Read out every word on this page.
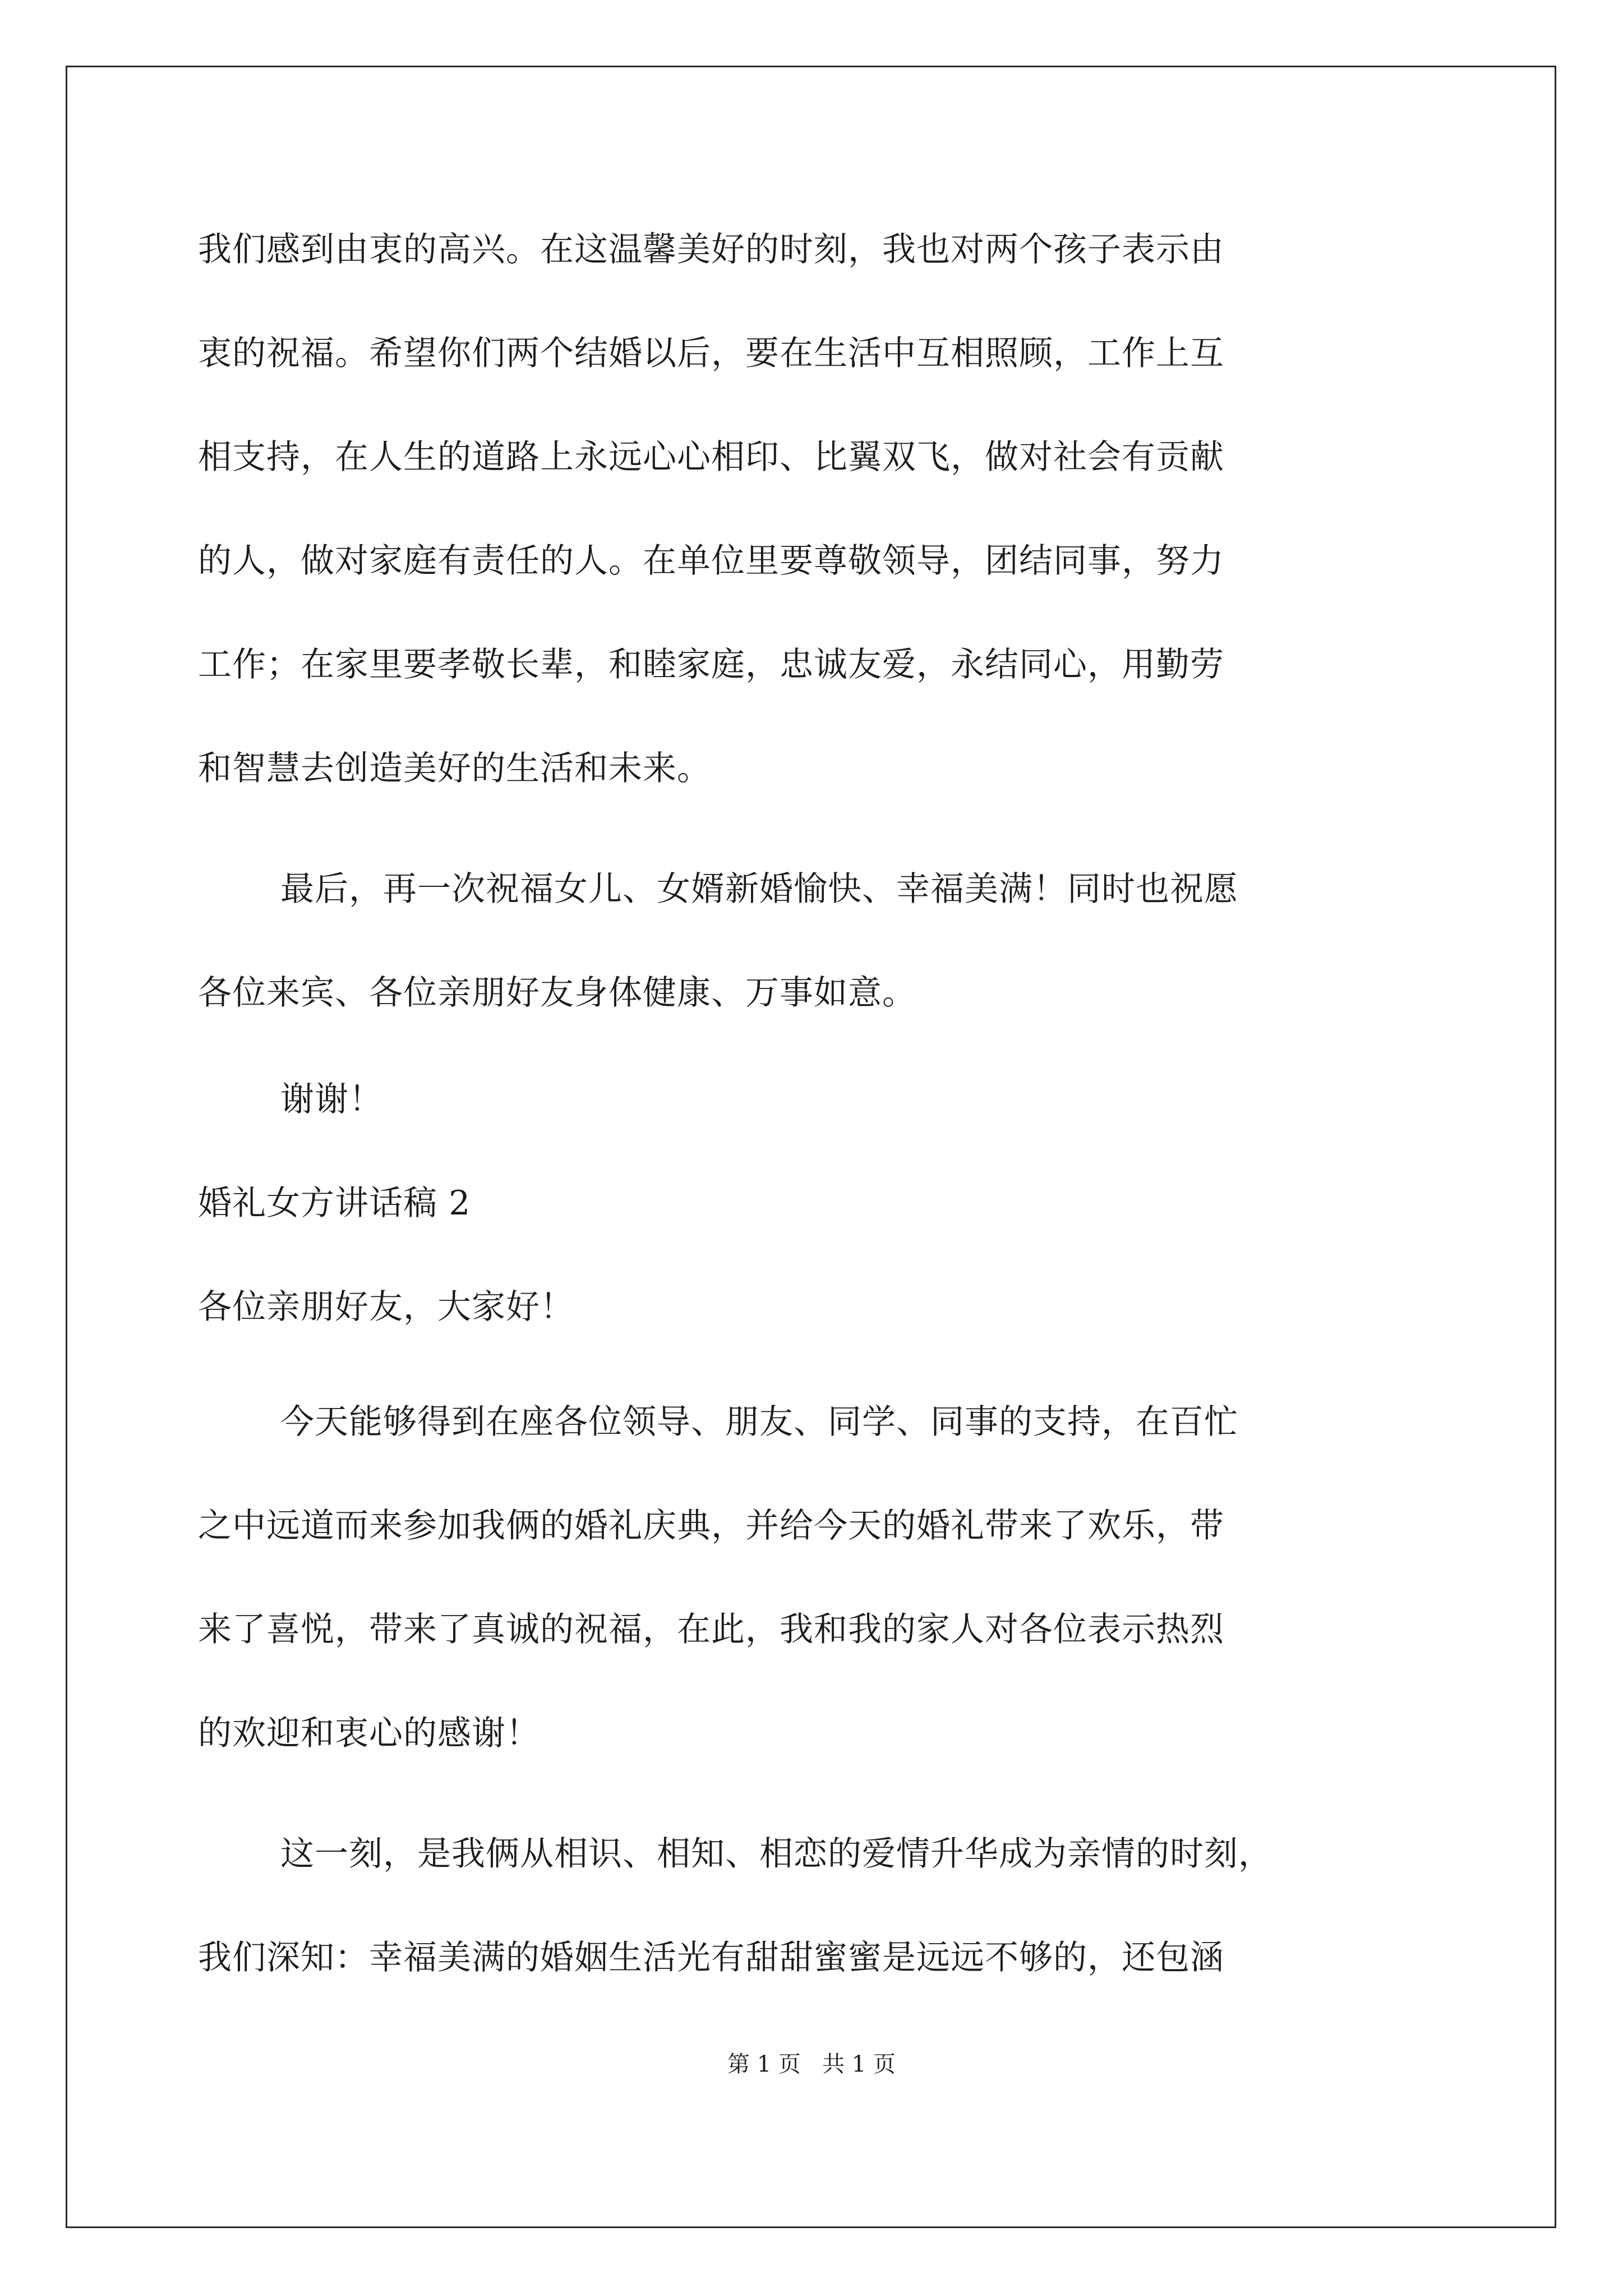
我们感到由衷的高兴。在这温馨美好的时刻，我也对两个孩子表示由
衷的祝福。希望你们两个结婚以后，要在生活中互相照顾，工作上互
相支持，在人生的道路上永远心心相印、比翼双飞，做对社会有贡献
的人，做对家庭有责任的人。在单位里要尊敬领导，团结同事，努力
工作；在家里要孝敬长辈，和睦家庭，忠诚友爱，永结同心，用勤劳
和智慧去创造美好的生活和未来。
最后，再一次祝福女儿、女婿新婚愉快、幸福美满！同时也祝愿
各位来宾、各位亲朋好友身体健康、万事如意。
谢谢！
婚礼女方讲话稿 2
各位亲朋好友，大家好！
今天能够得到在座各位领导、朋友、同学、同事的支持，在百忙
之中远道而来参加我俩的婚礼庆典，并给今天的婚礼带来了欢乐，带
来了喜悦，带来了真诚的祝福，在此，我和我的家人对各位表示热烈
的欢迎和衷心的感谢！
这一刻，是我俩从相识、相知、相恋的爱情升华成为亲情的时刻，
我们深知：幸福美满的婚姻生活光有甜甜蜜蜜是远远不够的，还包涵
第 1 页   共 1 页
